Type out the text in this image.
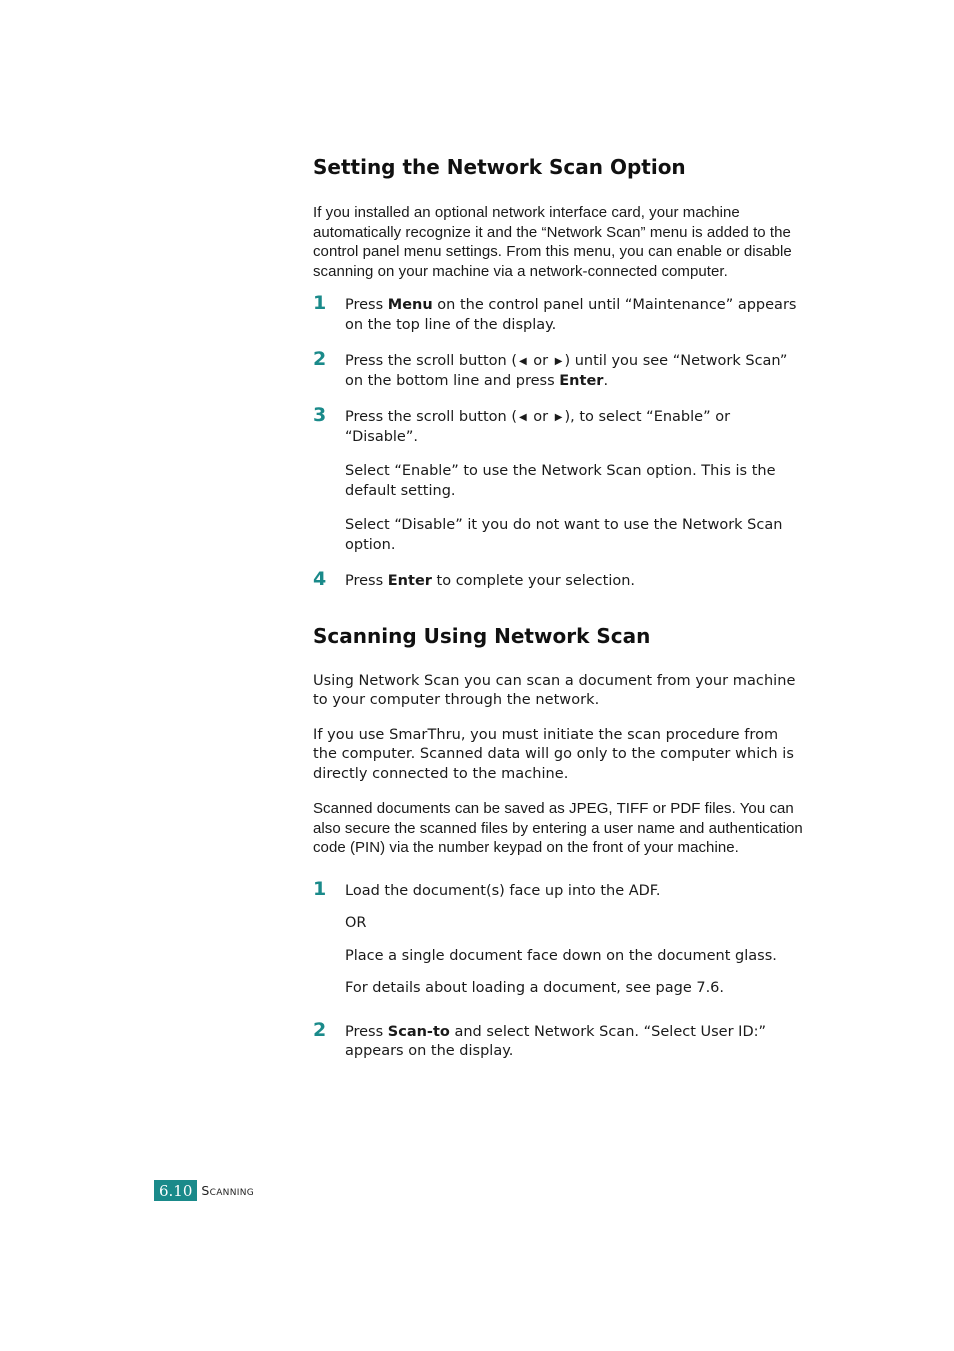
Setting the Network Scan Option

If you installed an optional network interface card, your machine automatically recognize it and the “Network Scan” menu is added to the control panel menu settings. From this menu, you can enable or disable scanning on your machine via a network-connected computer.

1 Press Menu on the control panel until “Maintenance” appears on the top line of the display.

2 Press the scroll button ( ◀ or ▶ ) until you see “Network Scan” on the bottom line and press Enter.

3 Press the scroll button ( ◀ or ▶ ), to select “Enable” or “Disable”.

Select “Enable” to use the Network Scan option. This is the default setting.

Select “Disable” it you do not want to use the Network Scan option.

4 Press Enter to complete your selection.

Scanning Using Network Scan

Using Network Scan you can scan a document from your machine to your computer through the network.

If you use SmarThru, you must initiate the scan procedure from the computer. Scanned data will go only to the computer which is directly connected to the machine.

Scanned documents can be saved as JPEG, TIFF or PDF files. You can also secure the scanned files by entering a user name and authentication code (PIN) via the number keypad on the front of your machine.

1 Load the document(s) face up into the ADF.

OR

Place a single document face down on the document glass.

For details about loading a document, see page 7.6.

2 Press Scan-to and select Network Scan. “Select User ID:” appears on the display.

6.10 Scanning
